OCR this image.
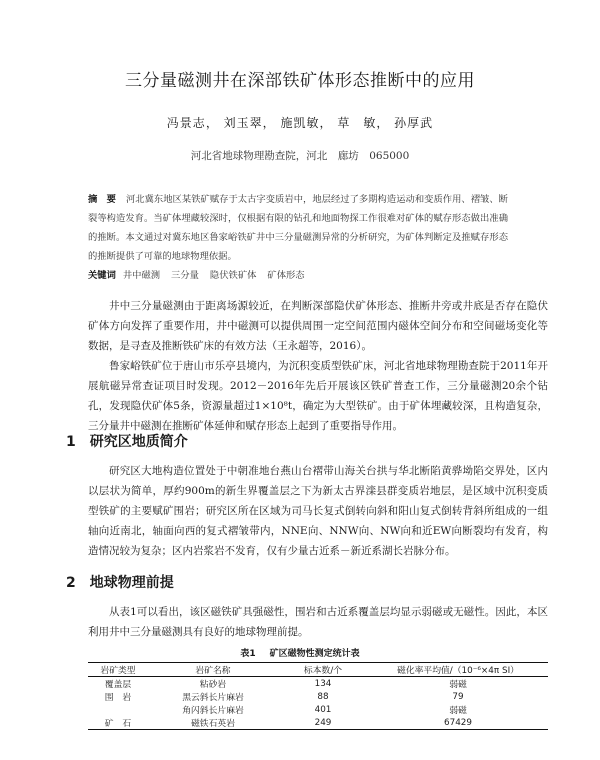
三分量磁测井在深部铁矿体形态推断中的应用
冯景志， 刘玉翠， 施凯敏， 草　敏， 孙厚武
河北省地球物理勘查院，河北　廊坊　065000
摘　要 河北冀东地区某铁矿赋存于太古字变质岩中，地层经过了多期构造运动和变质作用、褶皱、断裂等构造发育。当矿体埋藏较深时，仅根据有限的钻孔和地面物探工作很难对矿体的赋存形态做出准确的推断。本文通过对冀东地区鲁家峪铁矿井中三分量磁测异常的分析研究，为矿体判断定及推赋存形态的推断提供了可靠的地球物理依据。
关键词 井中磁测 三分量 隐伏铁矿体 矿体形态

井中三分量磁测由于距离场源较近，在判断深部隐伏矿体形态、推断井旁或井底是否存在隐伏矿体方向发挥了重要作用，井中磁测可以提供周围一定空间范围内磁体空间分布和空间磁场变化等数据，是寻查及推断铁矿床的有效方法（王永超等，2016）。

鲁家峪铁矿位于唐山市乐亭县境内，为沉积变质型铁矿床，河北省地球物理勘查院于2011年开展航磁异常查证项目时发现。2012－2016年先后开展该区铁矿普查工作，三分量磁测20余个钻孔，发现隐伏矿体5条，资源量超过1×10⁸t，确定为大型铁矿。由于矿体埋藏较深，且构造复杂，三分量井中磁测在推断矿体延伸和赋存形态上起到了重要指导作用。

1 研究区地质简介

研究区大地构造位置处于中朝准地台燕山台褶带山海关台拱与华北断陷黄骅坳陷交界处，区内以层状为简单，厚约900m的新生界覆盖层之下为新太古界滦县群变质岩地层，是区域中沉积变质型铁矿的主要赋矿围岩；研究区所在区域为司马长复式倒转向斜和阳山复式倒转背斜所组成的一组轴向近南北，轴面向西的复式褶皱带内，NNE向、NNW向、NW向和近EW向断裂均有发育，构造情况较为复杂；区内岩浆岩不发育，仅有少量古近系－新近系湖长岩脉分布。

2 地球物理前提

从表1可以看出，该区磁铁矿具强磁性，围岩和古近系覆盖层均显示弱磁或无磁性。因此，本区利用井中三分量磁测具有良好的地球物理前提。

表1 矿区磁物性测定统计表
岩矿类型	岩矿名称	标本数/个	磁化率平均值/（10⁻⁶×4π SI）
覆盖层	粘砂岩	134	弱磁
围　岩	黑云斜长片麻岩	88	79
	角闪斜长片麻岩	401	弱磁
矿　石	磁铁石英岩	249	67429
